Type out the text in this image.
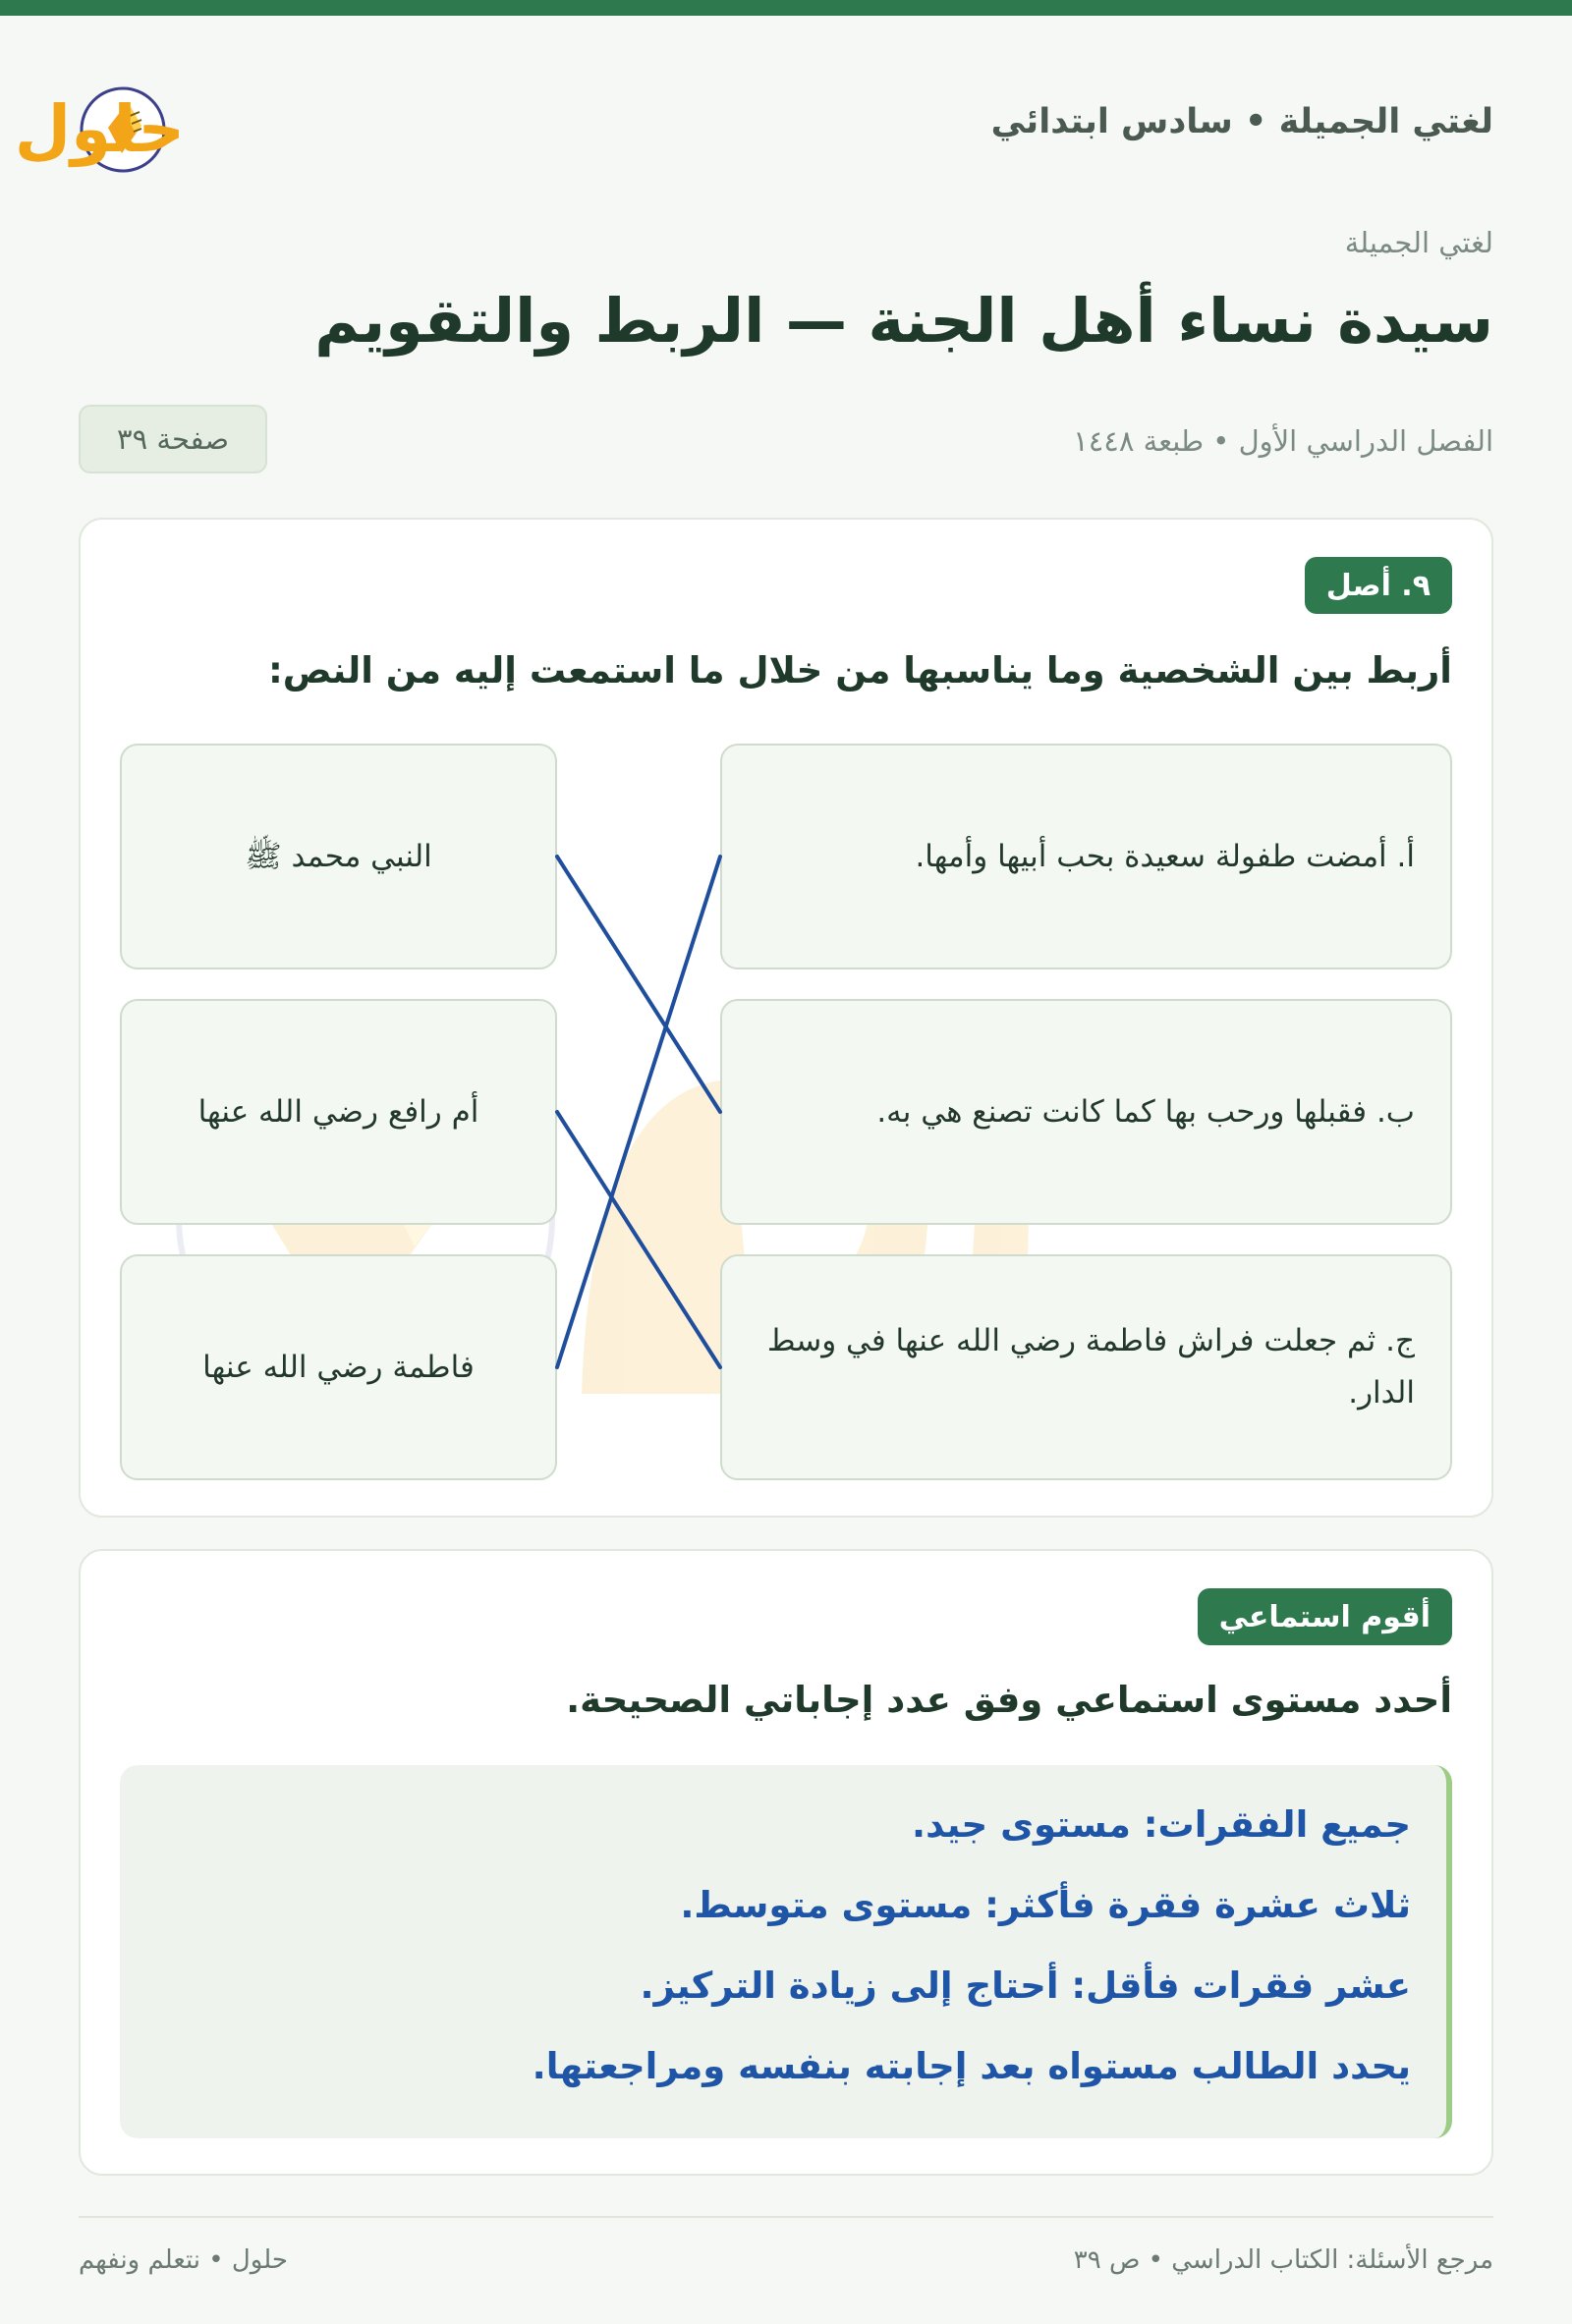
لغتي الجميلة • سادس ابتدائي
حلول
لغتي الجميلة
سيدة نساء أهل الجنة — الربط والتقويم
الفصل الدراسي الأول • طبعة ١٤٤٨
صفحة ٣٩
٩. أصل
أربط بين الشخصية وما يناسبها من خلال ما استمعت إليه من النص:
أ. أمضت طفولة سعيدة بحب أبيها وأمها.
ب. فقبلها ورحب بها كما كانت تصنع هي به.
ج. ثم جعلت فراش فاطمة رضي الله عنها في وسط الدار.
النبي محمد ﷺ
أم رافع رضي الله عنها
فاطمة رضي الله عنها
أقوم استماعي
أحدد مستوى استماعي وفق عدد إجاباتي الصحيحة.
جميع الفقرات: مستوى جيد.
ثلاث عشرة فقرة فأكثر: مستوى متوسط.
عشر فقرات فأقل: أحتاج إلى زيادة التركيز.
يحدد الطالب مستواه بعد إجابته بنفسه ومراجعتها.
مرجع الأسئلة: الكتاب الدراسي • ص ٣٩
حلول • نتعلم ونفهم
